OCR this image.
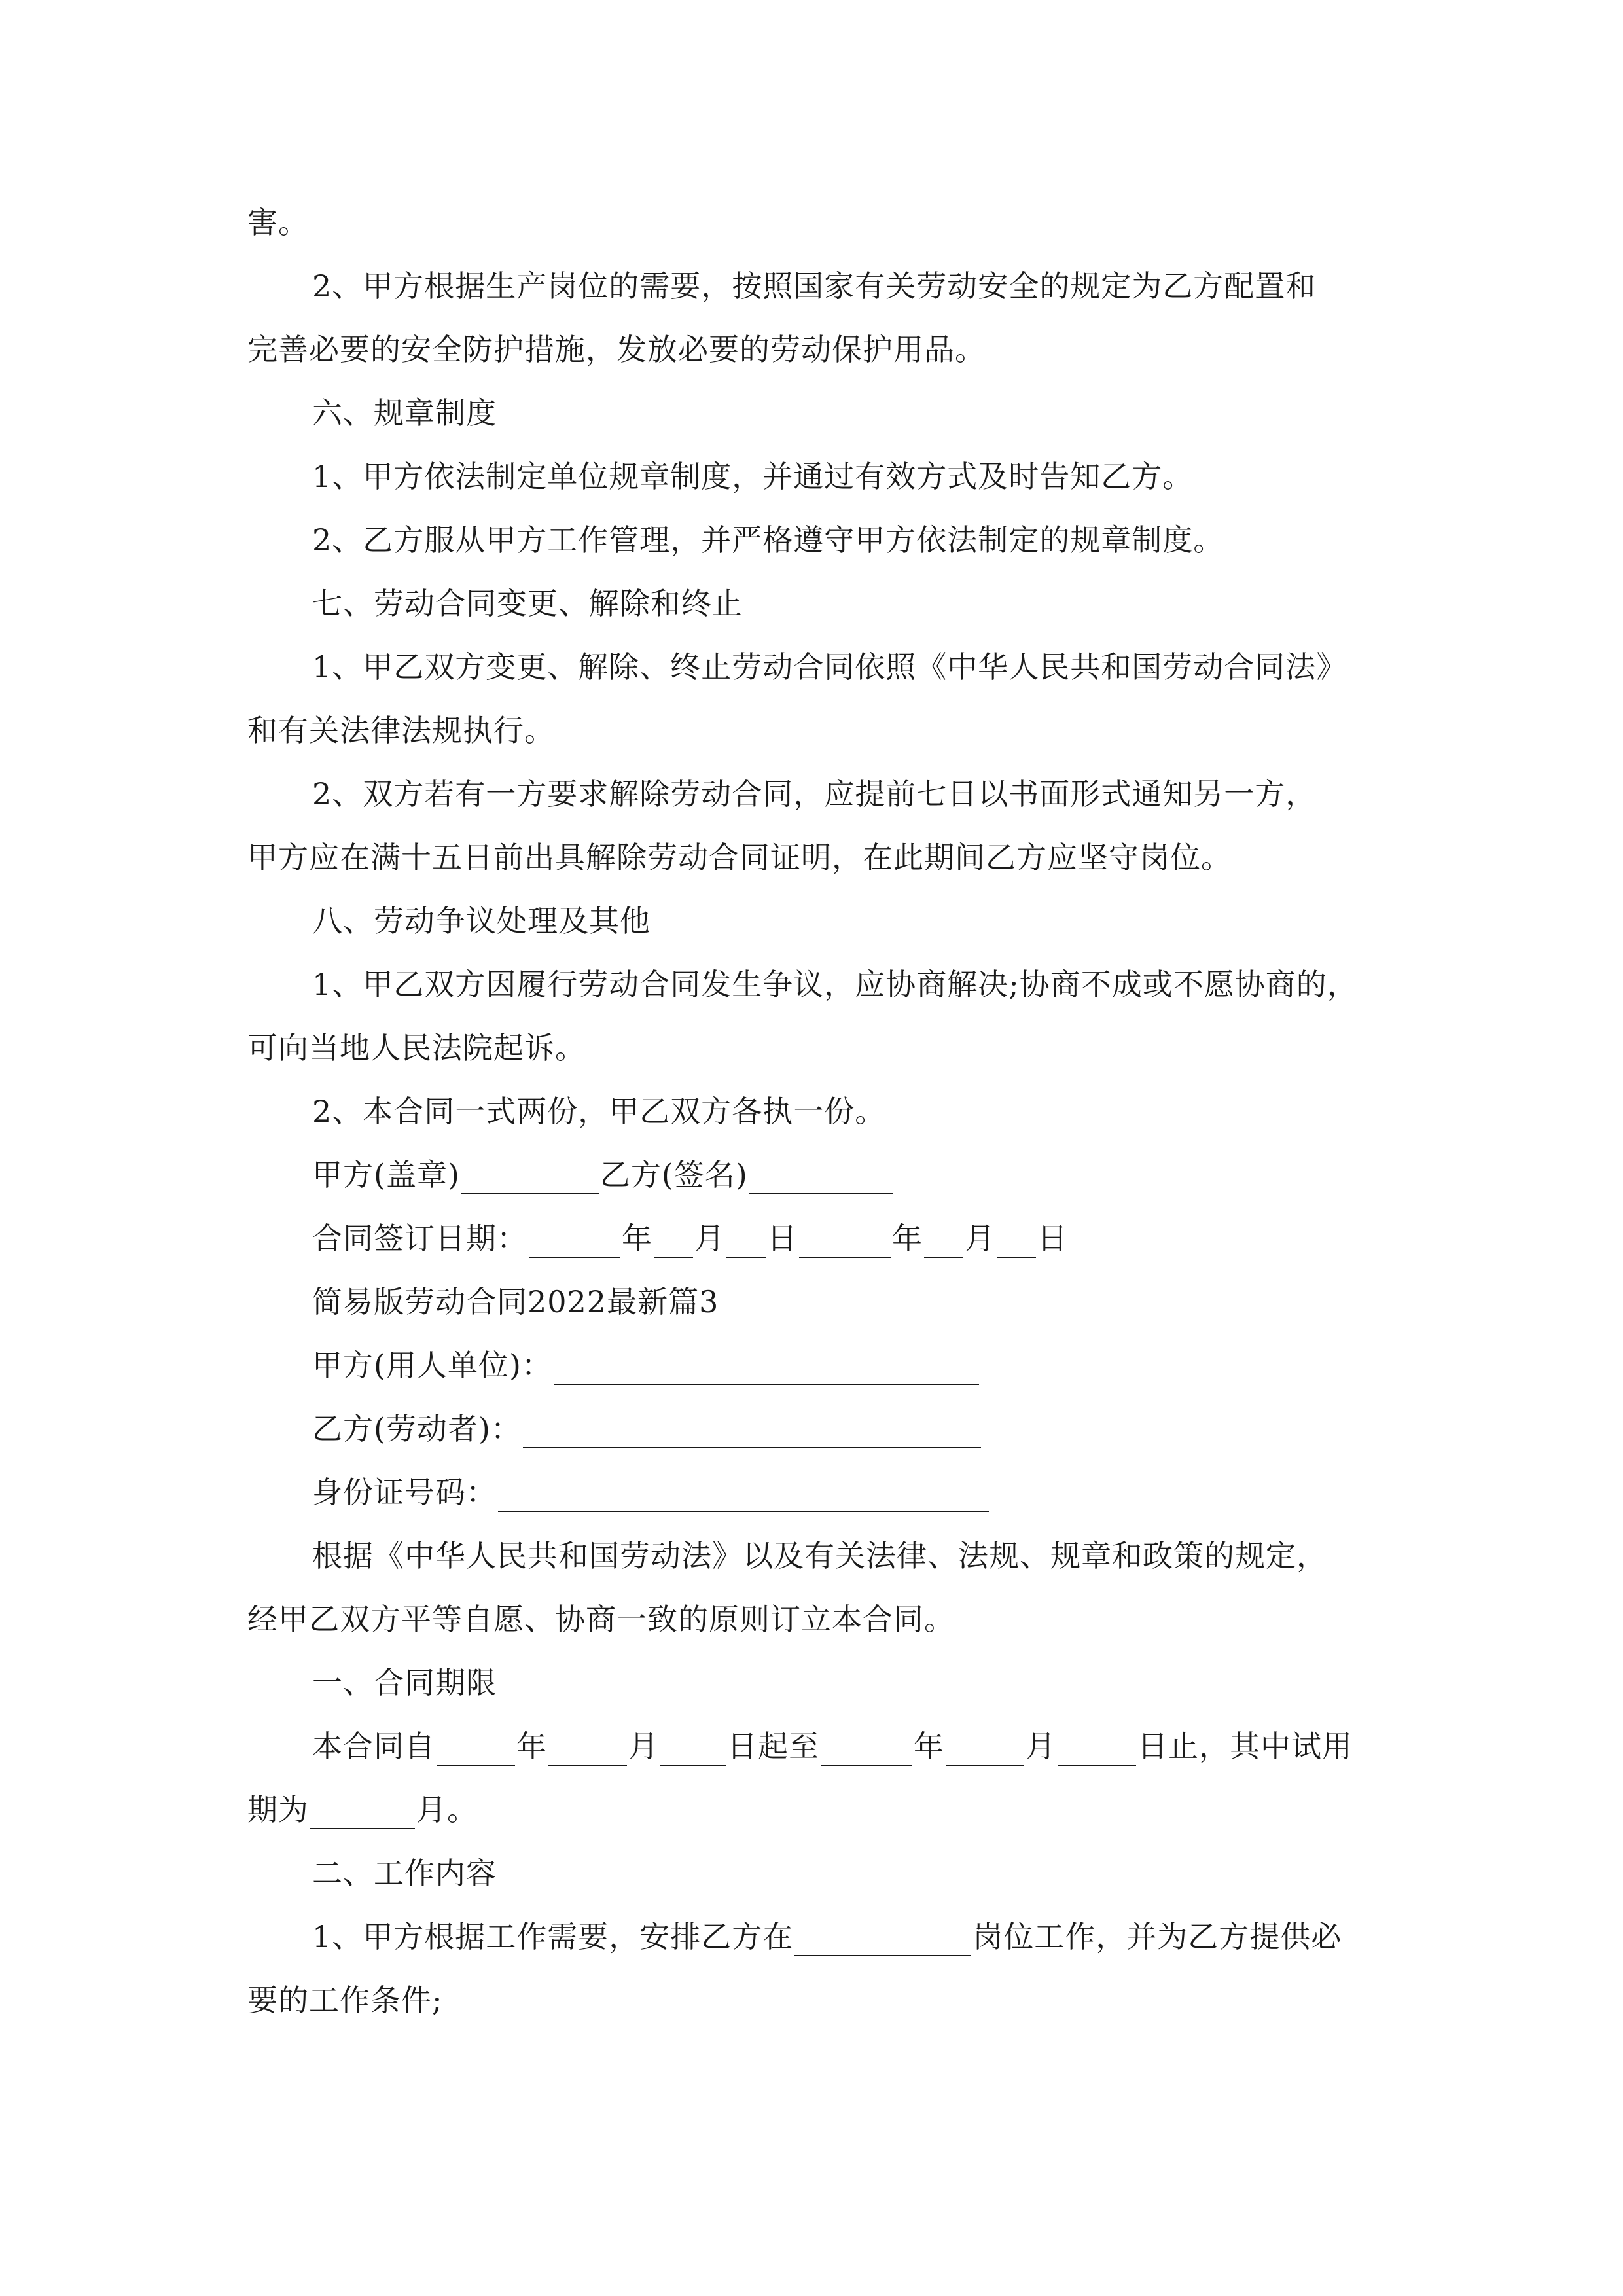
害。
2、甲方根据生产岗位的需要，按照国家有关劳动安全的规定为乙方配置和
完善必要的安全防护措施，发放必要的劳动保护用品。
六、规章制度
1、甲方依法制定单位规章制度，并通过有效方式及时告知乙方。
2、乙方服从甲方工作管理，并严格遵守甲方依法制定的规章制度。
七、劳动合同变更、解除和终止
1、甲乙双方变更、解除、终止劳动合同依照《中华人民共和国劳动合同法》
和有关法律法规执行。
2、双方若有一方要求解除劳动合同，应提前七日以书面形式通知另一方，
甲方应在满十五日前出具解除劳动合同证明，在此期间乙方应坚守岗位。
八、劳动争议处理及其他
1、甲乙双方因履行劳动合同发生争议，应协商解决;协商不成或不愿协商的，
可向当地人民法院起诉。
2、本合同一式两份，甲乙双方各执一份。
甲方(盖章)	乙方(签名)
合同签订日期：	年 月 日	年 月 日
简易版劳动合同2022最新篇3
甲方(用人单位)：
乙方(劳动者)：
身份证号码：
根据《中华人民共和国劳动法》以及有关法律、法规、规章和政策的规定，
经甲乙双方平等自愿、协商一致的原则订立本合同。
一、合同期限
本合同自	年	月 日起至	年	月	日止，其中试用
期为	月。
二、工作内容
1、甲方根据工作需要，安排乙方在	岗位工作，并为乙方提供必
要的工作条件;
